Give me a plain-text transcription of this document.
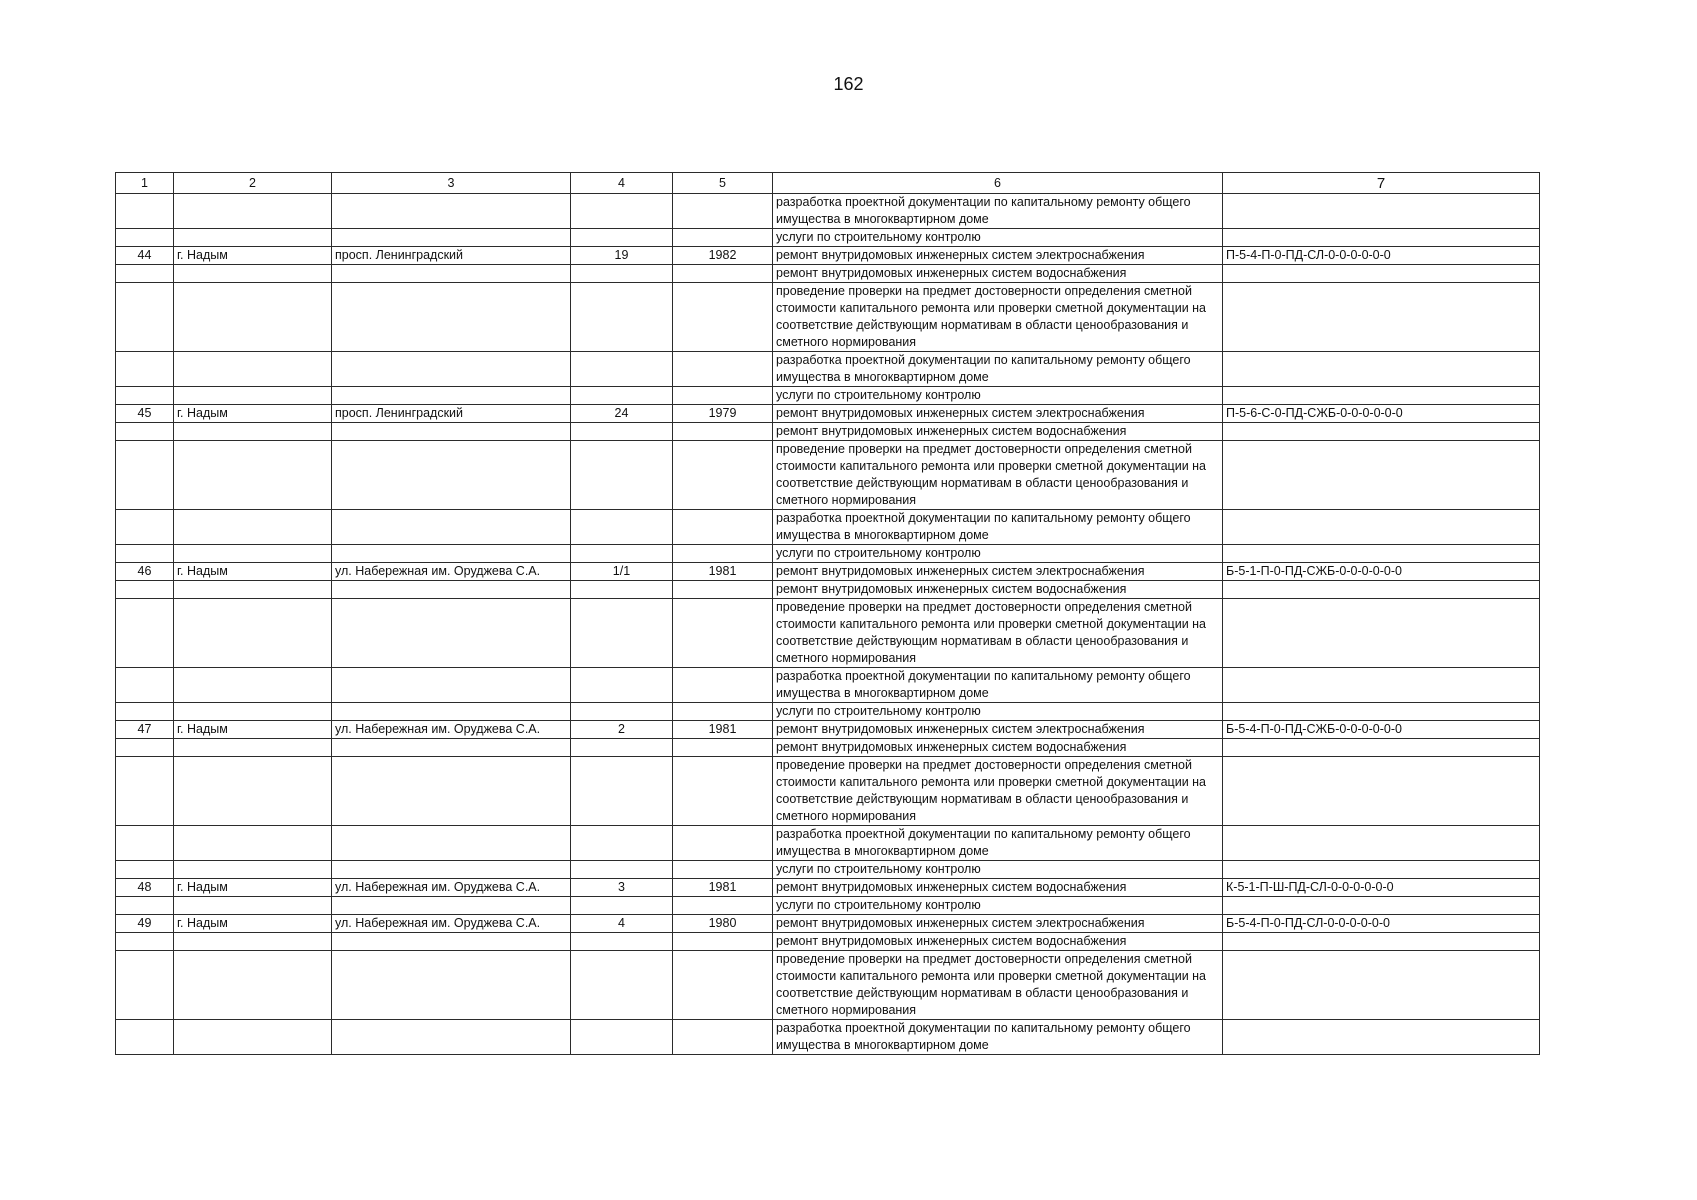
162
1	2	3	4	5	6	7
					разработка проектной документации по капитальному ремонту общего имущества в многоквартирном доме	
					услуги по строительному контролю	
44	г. Надым	просп. Ленинградский	19	1982	ремонт внутридомовых инженерных систем электроснабжения	П-5-4-П-0-ПД-СЛ-0-0-0-0-0-0
					ремонт внутридомовых инженерных систем водоснабжения	
					проведение проверки на предмет достоверности определения сметной стоимости капитального ремонта или проверки сметной документации на соответствие действующим нормативам в области ценообразования и сметного нормирования	
					разработка проектной документации по капитальному ремонту общего имущества в многоквартирном доме	
					услуги по строительному контролю	
45	г. Надым	просп. Ленинградский	24	1979	ремонт внутридомовых инженерных систем электроснабжения	П-5-6-С-0-ПД-СЖБ-0-0-0-0-0-0
					ремонт внутридомовых инженерных систем водоснабжения	
					проведение проверки на предмет достоверности определения сметной стоимости капитального ремонта или проверки сметной документации на соответствие действующим нормативам в области ценообразования и сметного нормирования	
					разработка проектной документации по капитальному ремонту общего имущества в многоквартирном доме	
					услуги по строительному контролю	
46	г. Надым	ул. Набережная им. Оруджева С.А.	1/1	1981	ремонт внутридомовых инженерных систем электроснабжения	Б-5-1-П-0-ПД-СЖБ-0-0-0-0-0-0
					ремонт внутридомовых инженерных систем водоснабжения	
					проведение проверки на предмет достоверности определения сметной стоимости капитального ремонта или проверки сметной документации на соответствие действующим нормативам в области ценообразования и сметного нормирования	
					разработка проектной документации по капитальному ремонту общего имущества в многоквартирном доме	
					услуги по строительному контролю	
47	г. Надым	ул. Набережная им. Оруджева С.А.	2	1981	ремонт внутридомовых инженерных систем электроснабжения	Б-5-4-П-0-ПД-СЖБ-0-0-0-0-0-0
					ремонт внутридомовых инженерных систем водоснабжения	
					проведение проверки на предмет достоверности определения сметной стоимости капитального ремонта или проверки сметной документации на соответствие действующим нормативам в области ценообразования и сметного нормирования	
					разработка проектной документации по капитальному ремонту общего имущества в многоквартирном доме	
					услуги по строительному контролю	
48	г. Надым	ул. Набережная им. Оруджева С.А.	3	1981	ремонт внутридомовых инженерных систем водоснабжения	К-5-1-П-Ш-ПД-СЛ-0-0-0-0-0-0
					услуги по строительному контролю	
49	г. Надым	ул. Набережная им. Оруджева С.А.	4	1980	ремонт внутридомовых инженерных систем электроснабжения	Б-5-4-П-0-ПД-СЛ-0-0-0-0-0-0
					ремонт внутридомовых инженерных систем водоснабжения	
					проведение проверки на предмет достоверности определения сметной стоимости капитального ремонта или проверки сметной документации на соответствие действующим нормативам в области ценообразования и сметного нормирования	
					разработка проектной документации по капитальному ремонту общего имущества в многоквартирном доме	
